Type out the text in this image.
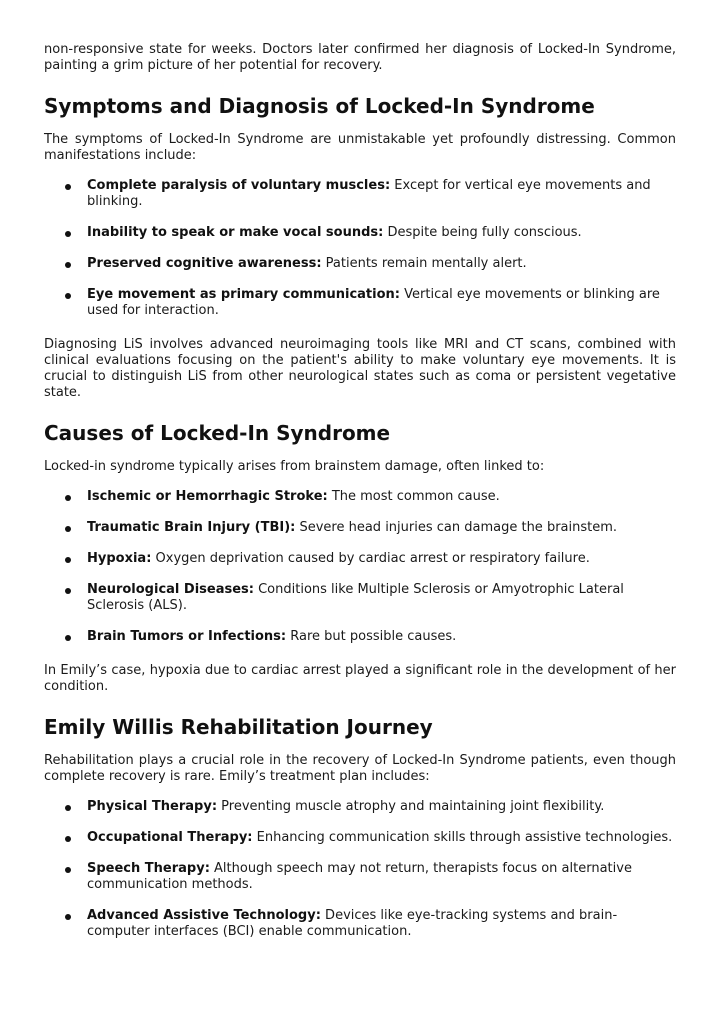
non-responsive state for weeks. Doctors later confirmed her diagnosis of Locked-In Syndrome, painting a grim picture of her potential for recovery.

Symptoms and Diagnosis of Locked-In Syndrome

The symptoms of Locked-In Syndrome are unmistakable yet profoundly distressing. Common manifestations include:

Complete paralysis of voluntary muscles: Except for vertical eye movements and blinking.
Inability to speak or make vocal sounds: Despite being fully conscious.
Preserved cognitive awareness: Patients remain mentally alert.
Eye movement as primary communication: Vertical eye movements or blinking are used for interaction.

Diagnosing LiS involves advanced neuroimaging tools like MRI and CT scans, combined with clinical evaluations focusing on the patient's ability to make voluntary eye movements. It is crucial to distinguish LiS from other neurological states such as coma or persistent vegetative state.

Causes of Locked-In Syndrome

Locked-in syndrome typically arises from brainstem damage, often linked to:

Ischemic or Hemorrhagic Stroke: The most common cause.
Traumatic Brain Injury (TBI): Severe head injuries can damage the brainstem.
Hypoxia: Oxygen deprivation caused by cardiac arrest or respiratory failure.
Neurological Diseases: Conditions like Multiple Sclerosis or Amyotrophic Lateral Sclerosis (ALS).
Brain Tumors or Infections: Rare but possible causes.

In Emily’s case, hypoxia due to cardiac arrest played a significant role in the development of her condition.

Emily Willis Rehabilitation Journey

Rehabilitation plays a crucial role in the recovery of Locked-In Syndrome patients, even though complete recovery is rare. Emily’s treatment plan includes:

Physical Therapy: Preventing muscle atrophy and maintaining joint flexibility.
Occupational Therapy: Enhancing communication skills through assistive technologies.
Speech Therapy: Although speech may not return, therapists focus on alternative communication methods.
Advanced Assistive Technology: Devices like eye-tracking systems and brain-computer interfaces (BCI) enable communication.
